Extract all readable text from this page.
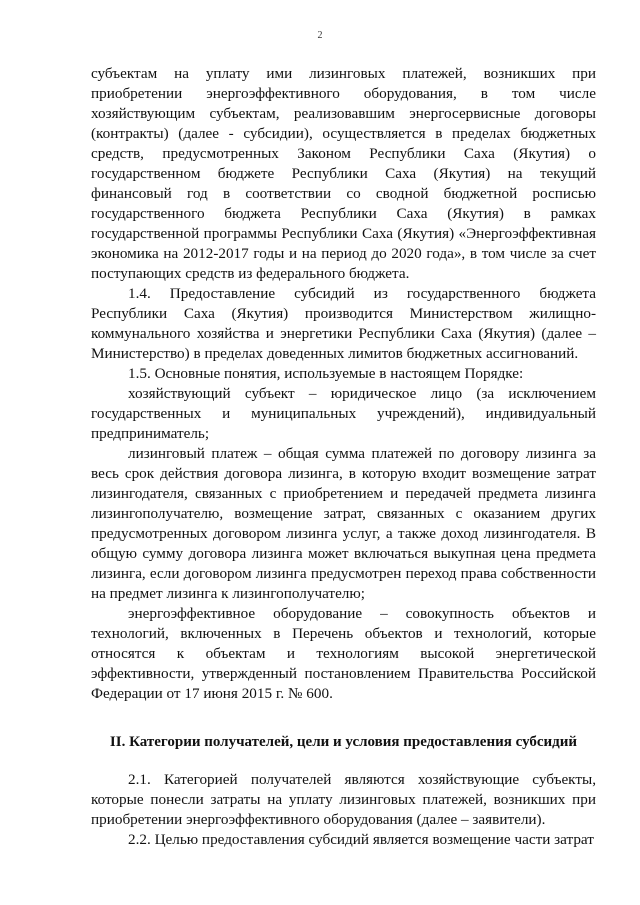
2

субъектам на уплату ими лизинговых платежей, возникших при приобретении энергоэффективного оборудования, в том числе хозяйствующим субъектам, реализовавшим энергосервисные договоры (контракты) (далее - субсидии), осуществляется в пределах бюджетных средств, предусмотренных Законом Республики Саха (Якутия) о государственном бюджете Республики Саха (Якутия) на текущий финансовый год в соответствии со сводной бюджетной росписью государственного бюджета Республики Саха (Якутия) в рамках государственной программы Республики Саха (Якутия) «Энергоэффективная экономика на 2012-2017 годы и на период до 2020 года», в том числе за счет поступающих средств из федерального бюджета.

1.4. Предоставление субсидий из государственного бюджета Республики Саха (Якутия) производится Министерством жилищно-коммунального хозяйства и энергетики Республики Саха (Якутия) (далее – Министерство) в пределах доведенных лимитов бюджетных ассигнований.

1.5. Основные понятия, используемые в настоящем Порядке:

хозяйствующий субъект – юридическое лицо (за исключением государственных и муниципальных учреждений), индивидуальный предприниматель;

лизинговый платеж – общая сумма платежей по договору лизинга за весь срок действия договора лизинга, в которую входит возмещение затрат лизингодателя, связанных с приобретением и передачей предмета лизинга лизингополучателю, возмещение затрат, связанных с оказанием других предусмотренных договором лизинга услуг, а также доход лизингодателя. В общую сумму договора лизинга может включаться выкупная цена предмета лизинга, если договором лизинга предусмотрен переход права собственности на предмет лизинга к лизингополучателю;

энергоэффективное оборудование – совокупность объектов и технологий, включенных в Перечень объектов и технологий, которые относятся к объектам и технологиям высокой энергетической эффективности, утвержденный постановлением Правительства Российской Федерации от 17 июня 2015 г. № 600.

II. Категории получателей, цели и условия предоставления субсидий

2.1. Категорией получателей являются хозяйствующие субъекты, которые понесли затраты на уплату лизинговых платежей, возникших при приобретении энергоэффективного оборудования (далее – заявители).

2.2. Целью предоставления субсидий является возмещение части затрат
